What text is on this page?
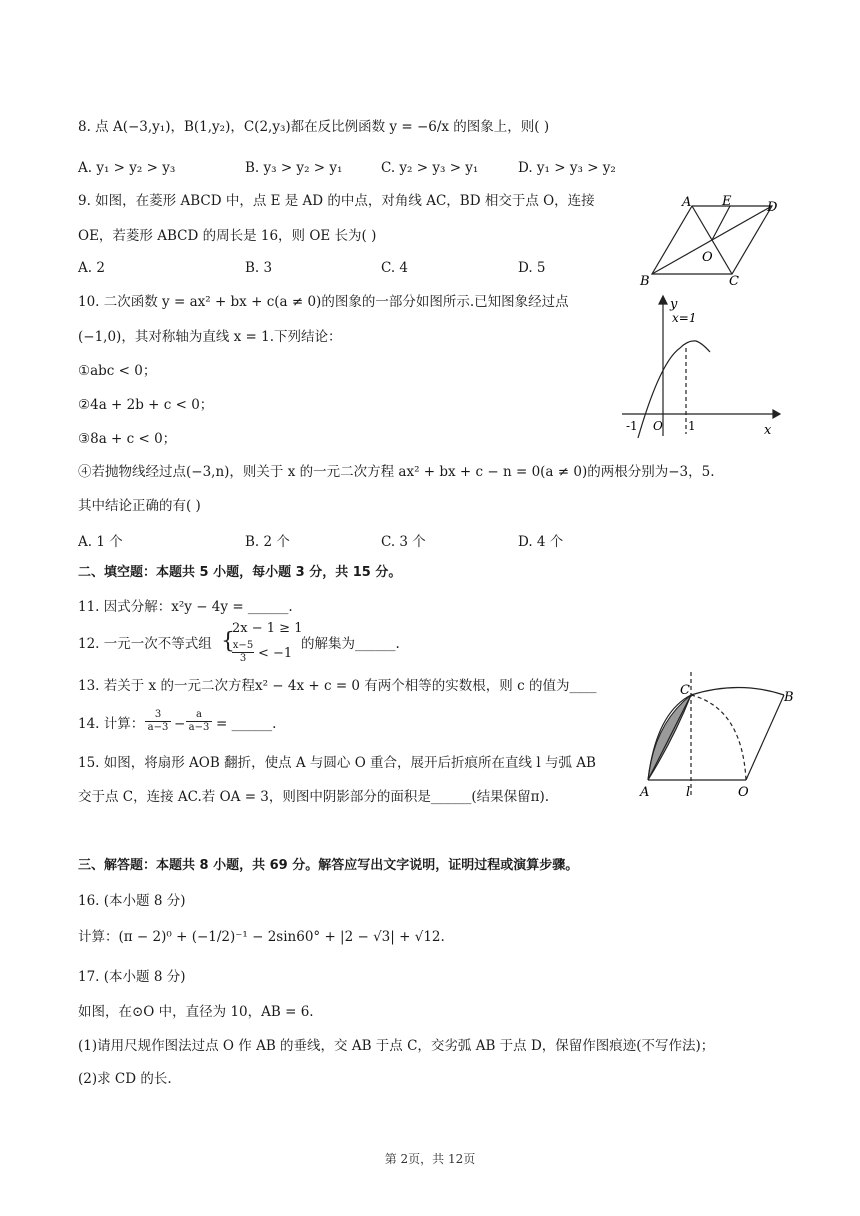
8. 点 A(−3,y₁)，B(1,y₂)，C(2,y₃)都在反比例函数 y = −6/x 的图象上，则( )
A. y₁ > y₂ > y₃	B. y₃ > y₂ > y₁	C. y₂ > y₃ > y₁	D. y₁ > y₃ > y₂
9. 如图，在菱形 ABCD 中，点 E 是 AD 的中点，对角线 AC，BD 相交于点 O，连接
OE，若菱形 ABCD 的周长是 16，则 OE 长为( )
A. 2	B. 3	C. 4	D. 5
A E	D
O
B	C
10. 二次函数 y = ax² + bx + c(a ≠ 0)的图象的一部分如图所示.已知图象经过点
(−1,0)，其对称轴为直线 x = 1.下列结论：
①abc < 0；
②4a + 2b + c < 0；
③8a + c < 0；
④若抛物线经过点(−3,n)，则关于 x 的一元二次方程 ax² + bx + c − n = 0(a ≠ 0)的两根分别为−3，5.
其中结论正确的有( )
A. 1 个	B. 2 个	C. 3 个	D. 4 个
y
x=1
-1 O 1	x
二、填空题：本题共 5 小题，每小题 3 分，共 15 分。
11. 因式分解：x²y − 4y = ______.
12. 一元一次不等式组 {
2x − 1 ≥ 1
$\frac{x-5}{3} < -1$
的解集为______.
13. 若关于 x 的一元二次方程x² − 4x + c = 0 有两个相等的实数根，则 c 的值为____
14. 计算： $\frac{3}{a-3} - \frac{a}{a-3}$ = ______.
15. 如图，将扇形 AOB 翻折，使点 A 与圆心 O 重合，展开后折痕所在直线 l 与弧 AB
交于点 C，连接 AC.若 OA = 3，则图中阴影部分的面积是______(结果保留π).
C	B
A	l	O
三、解答题：本题共 8 小题，共 69 分。解答应写出文字说明，证明过程或演算步骤。
16. (本小题 8 分)
计算：(π − 2)⁰ + (−1/2)⁻¹ − 2sin60° + |2 − √3| + √12.
17. (本小题 8 分)
如图，在⊙O 中，直径为 10，AB = 6.
(1)请用尺规作图法过点 O 作 AB 的垂线，交 AB 于点 C，交劣弧 AB 于点 D，保留作图痕迹(不写作法)；
(2)求 CD 的长.
第 2页，共 12页
